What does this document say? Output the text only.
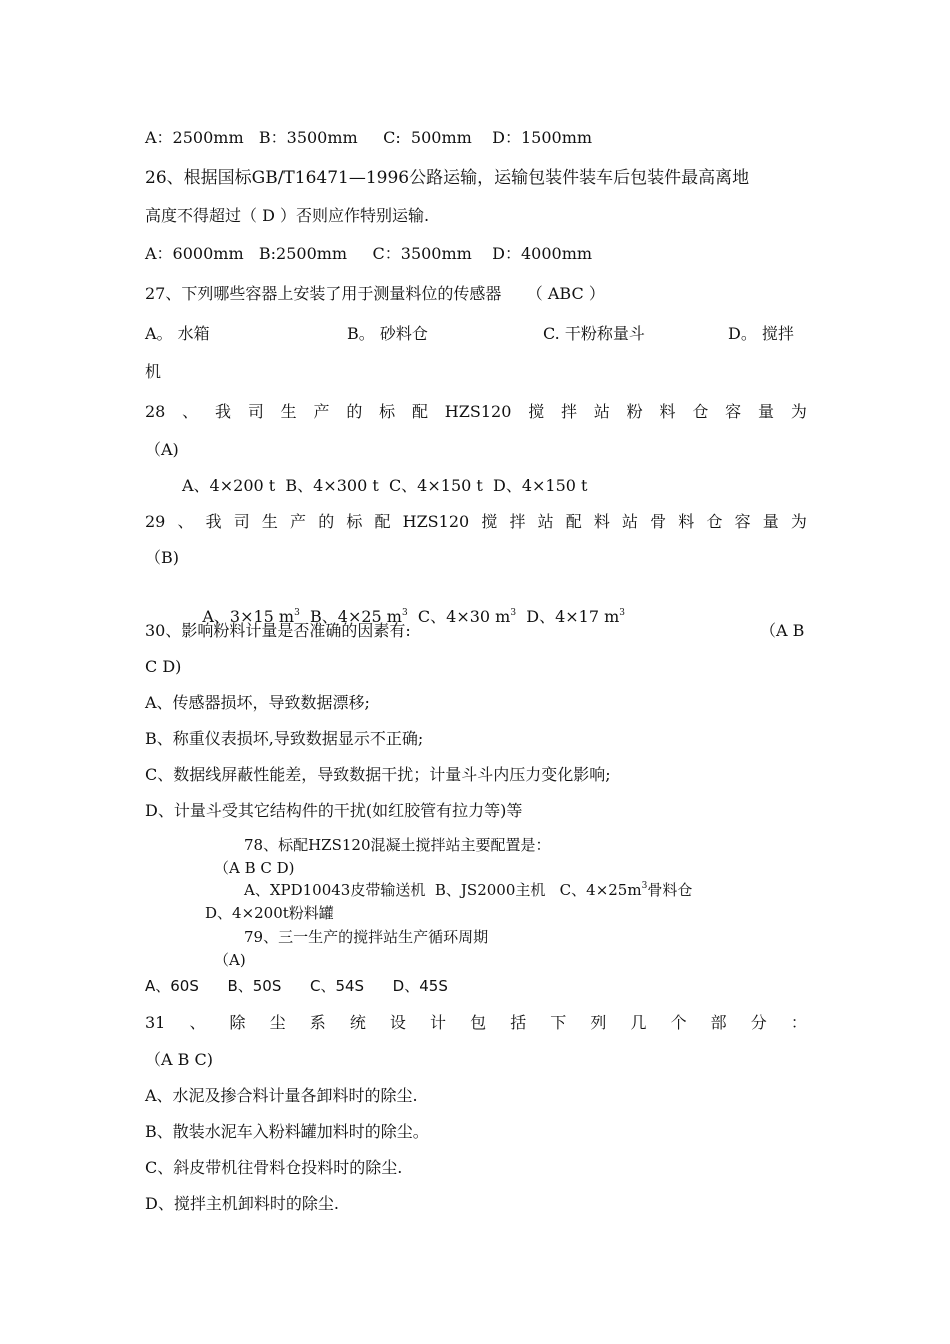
A：2500mm   B：3500mm     C:  500mm    D：1500mm
26、根据国标GB/T16471—1996公路运输，运输包装件装车后包装件最高离地
高度不得超过（ D ）否则应作特别运输.
A：6000mm   B:2500mm     C：3500mm    D：4000mm
27、下列哪些容器上安装了用于测量料位的传感器     （ ABC ）
A。 水箱	B。 砂料仓	C. 干粉称量斗	D。 搅拌
机
28 、 我 司 生 产 的 标 配 HZS120 搅 拌 站 粉 料 仓 容 量 为
（A)
A、4×200 t  B、4×300 t  C、4×150 t  D、4×150 t
29 、 我 司 生 产 的 标 配 HZS120 搅 拌 站 配 料 站 骨 料 仓 容 量 为
（B)

A、3×15 $m^3$  B、4×25 $m^3$  C、4×30 $m^3$  D、4×17 $m^3$

30、影响粉料计量是否准确的因素有:	（A B
C D)
A、传感器损坏，导致数据漂移;
B、称重仪表损坏,导致数据显示不正确;
C、数据线屏蔽性能差，导致数据干扰；计量斗斗内压力变化影响;
D、计量斗受其它结构件的干扰(如红胶管有拉力等)等
78、标配HZS120混凝土搅拌站主要配置是：
（A B C D)
A、XPD10043皮带输送机  B、JS2000主机   C、$4\times 25m^3$骨料仓
D、4×200t粉料罐
79、三一生产的搅拌站生产循环周期
（A)
A、60S      B、50S      C、54S      D、45S
31 、 除 尘 系 统 设 计 包 括 下 列 几 个 部 分 ：
（A B C)
A、水泥及掺合料计量各卸料时的除尘.
B、散装水泥车入粉料罐加料时的除尘。
C、斜皮带机往骨料仓投料时的除尘.
D、搅拌主机卸料时的除尘.
